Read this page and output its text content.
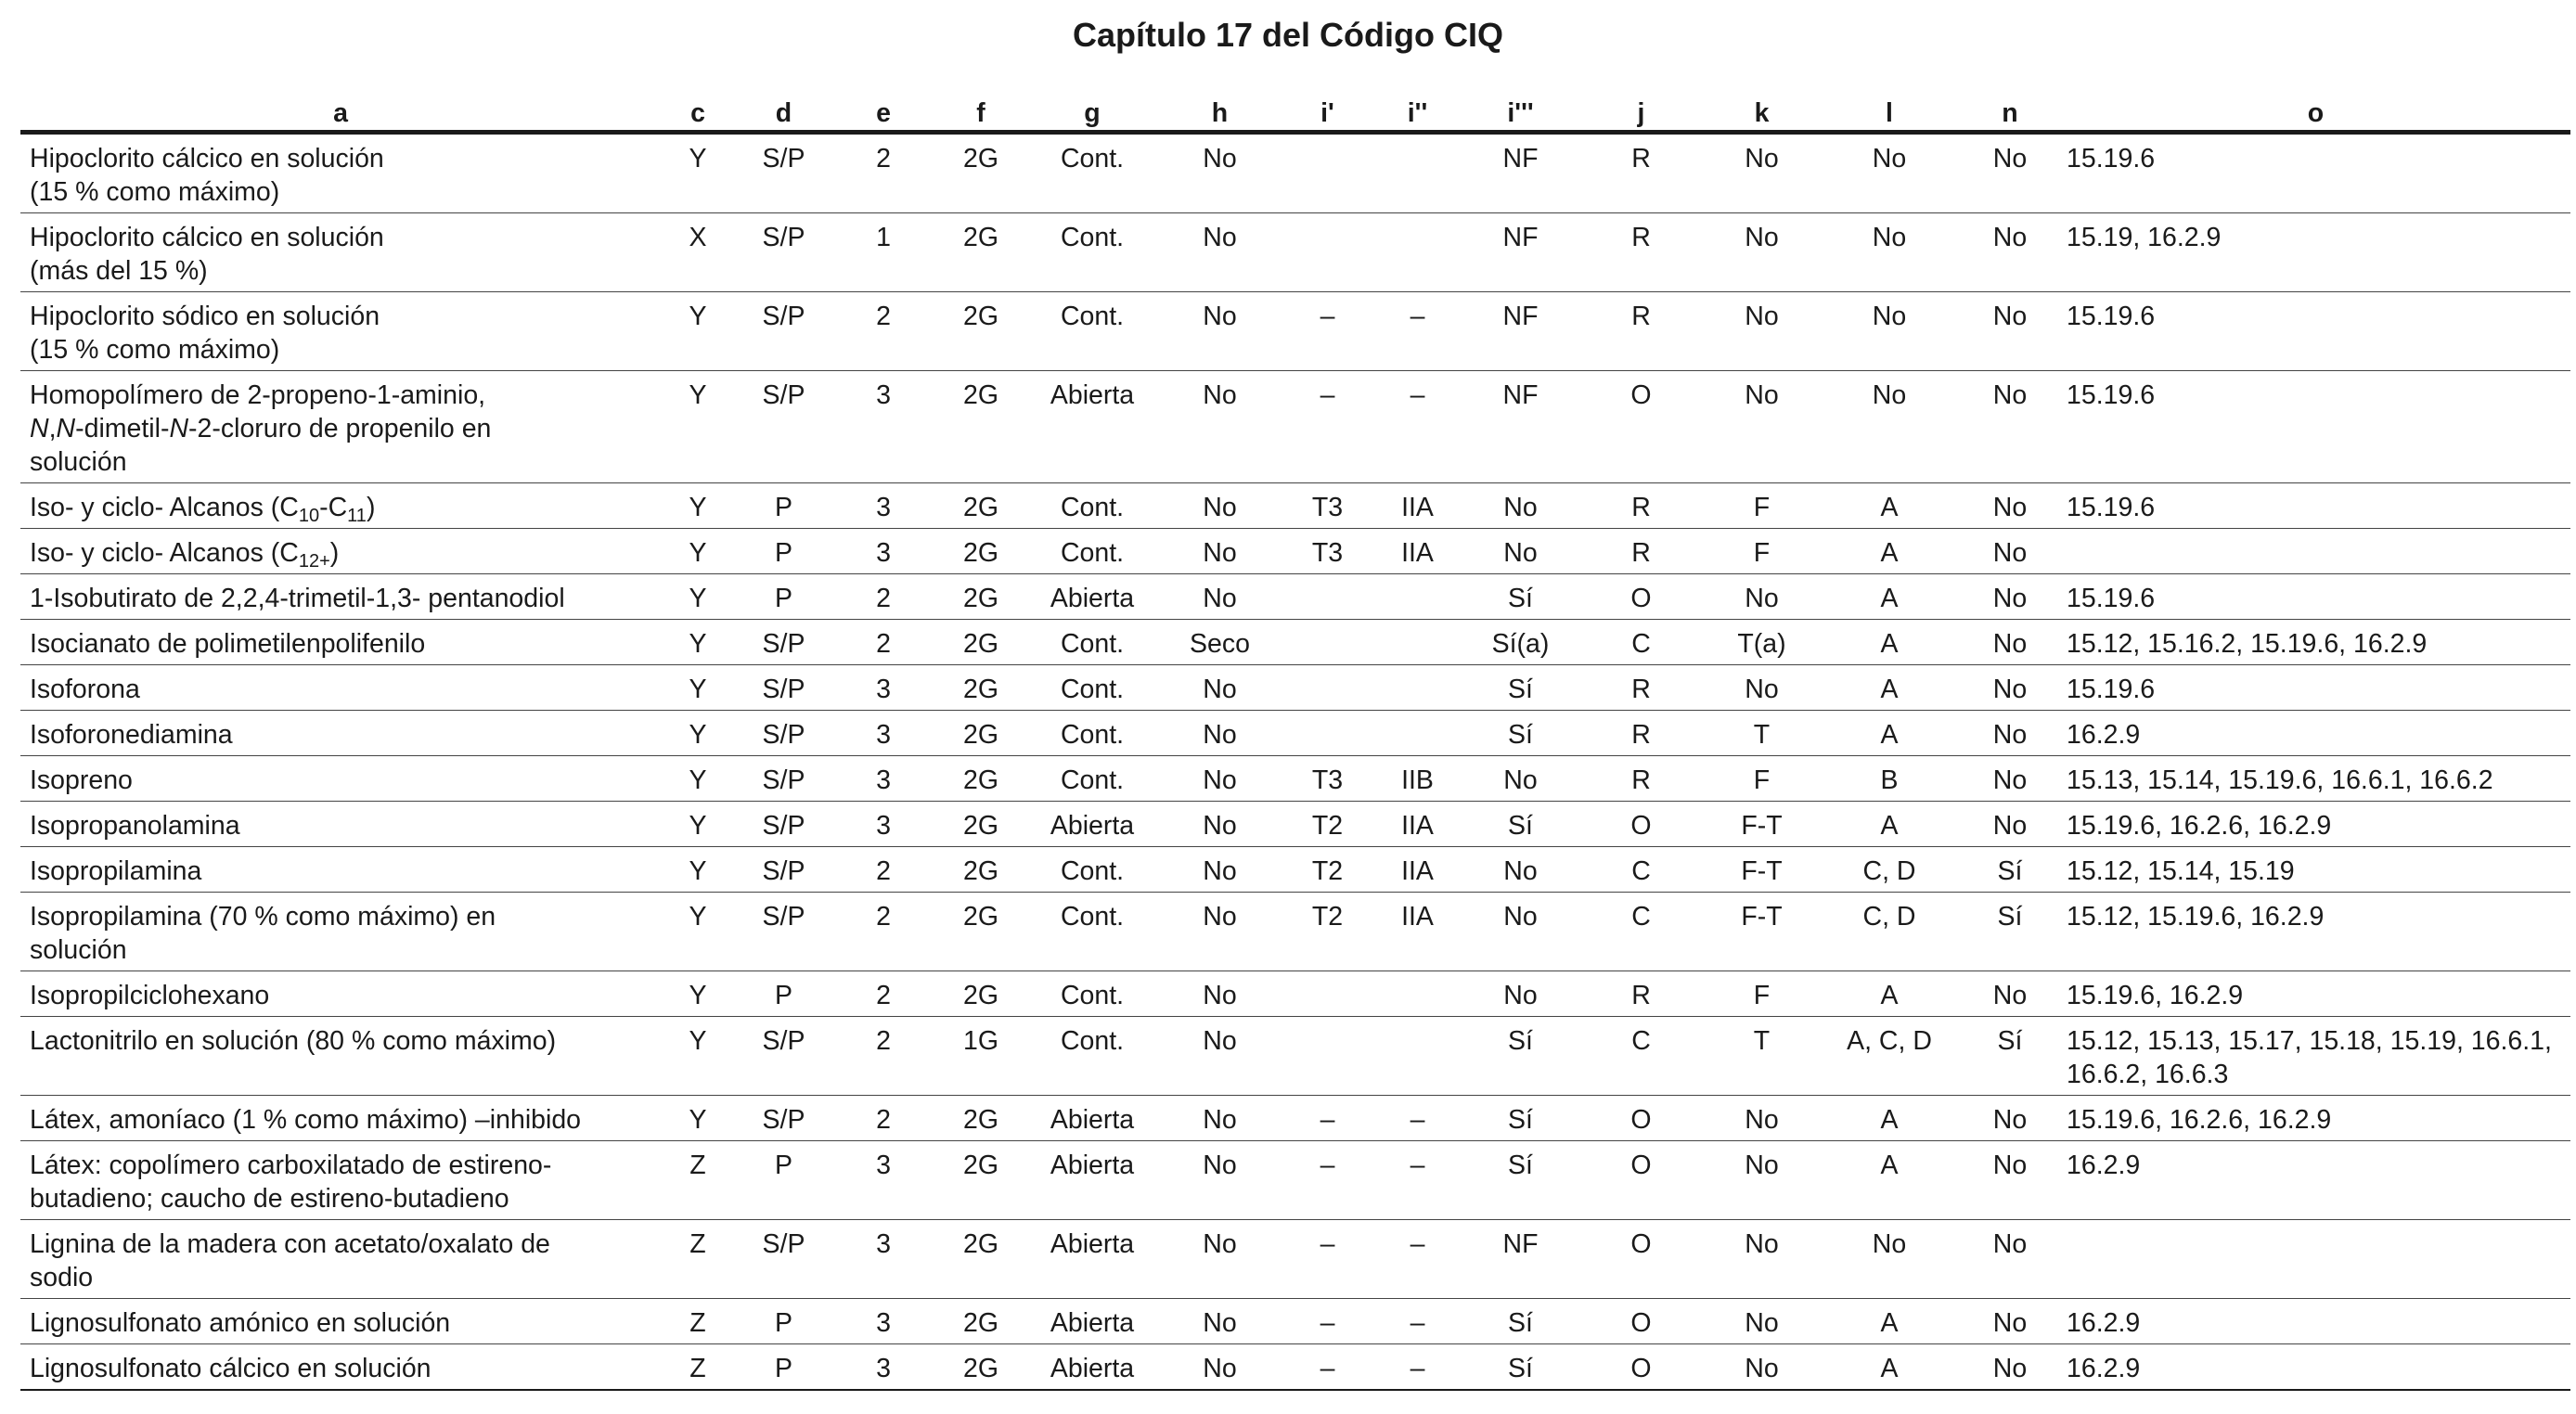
Capítulo 17 del Código CIQ
a	c	d	e	f	g	h	i'	i''	i'''	j	k	l	n	o

Hipoclorito cálcico en solución
(15 % como máximo)	Y	S/P	2	2G	Cont.	No			NF	R	No	No	No	15.19.6

Hipoclorito cálcico en solución
(más del 15 %)	X	S/P	1	2G	Cont.	No			NF	R	No	No	No	15.19, 16.2.9

Hipoclorito sódico en solución
(15 % como máximo)	Y	S/P	2	2G	Cont.	No	–	–	NF	R	No	No	No	15.19.6

Homopolímero de 2-propeno-1-aminio,
N,N-dimetil-N-2-cloruro de propenilo en
solución	Y	S/P	3	2G	Abierta	No	–	–	NF	O	No	No	No	15.19.6

Iso- y ciclo- Alcanos $(C_{10}-C_{11})$	Y	P	3	2G	Cont.	No	T3	IIA	No	R	F	A	No	15.19.6

Iso- y ciclo- Alcanos $(C_{12+})$	Y	P	3	2G	Cont.	No	T3	IIA	No	R	F	A	No	

1-Isobutirato de 2,2,4-trimetil-1,3- pentanodiol	Y	P	2	2G	Abierta	No			Sí	O	No	A	No	15.19.6

Isocianato de polimetilenpolifenilo	Y	S/P	2	2G	Cont.	Seco			Sí(a)	C	T(a)	A	No	15.12, 15.16.2, 15.19.6, 16.2.9

Isoforona	Y	S/P	3	2G	Cont.	No			Sí	R	No	A	No	15.19.6

Isoforonediamina	Y	S/P	3	2G	Cont.	No			Sí	R	T	A	No	16.2.9

Isopreno	Y	S/P	3	2G	Cont.	No	T3	IIB	No	R	F	B	No	15.13, 15.14, 15.19.6, 16.6.1, 16.6.2

Isopropanolamina	Y	S/P	3	2G	Abierta	No	T2	IIA	Sí	O	F-T	A	No	15.19.6, 16.2.6, 16.2.9

Isopropilamina	Y	S/P	2	2G	Cont.	No	T2	IIA	No	C	F-T	C, D	Sí	15.12, 15.14, 15.19

Isopropilamina (70 % como máximo) en
solución	Y	S/P	2	2G	Cont.	No	T2	IIA	No	C	F-T	C, D	Sí	15.12, 15.19.6, 16.2.9

Isopropilciclohexano	Y	P	2	2G	Cont.	No			No	R	F	A	No	15.19.6, 16.2.9

Lactonitrilo en solución (80 % como máximo)	Y	S/P	2	1G	Cont.	No			Sí	C	T	A, C, D	Sí	15.12, 15.13, 15.17, 15.18, 15.19, 16.6.1, 16.6.2, 16.6.3

Látex, amoníaco (1 % como máximo) –inhibido	Y	S/P	2	2G	Abierta	No	–	–	Sí	O	No	A	No	15.19.6, 16.2.6, 16.2.9

Látex: copolímero carboxilatado de estireno-
butadieno; caucho de estireno-butadieno	Z	P	3	2G	Abierta	No	–	–	Sí	O	No	A	No	16.2.9

Lignina de la madera con acetato/oxalato de
sodio	Z	S/P	3	2G	Abierta	No	–	–	NF	O	No	No	No	

Lignosulfonato amónico en solución	Z	P	3	2G	Abierta	No	–	–	Sí	O	No	A	No	16.2.9

Lignosulfonato cálcico en solución	Z	P	3	2G	Abierta	No	–	–	Sí	O	No	A	No	16.2.9
